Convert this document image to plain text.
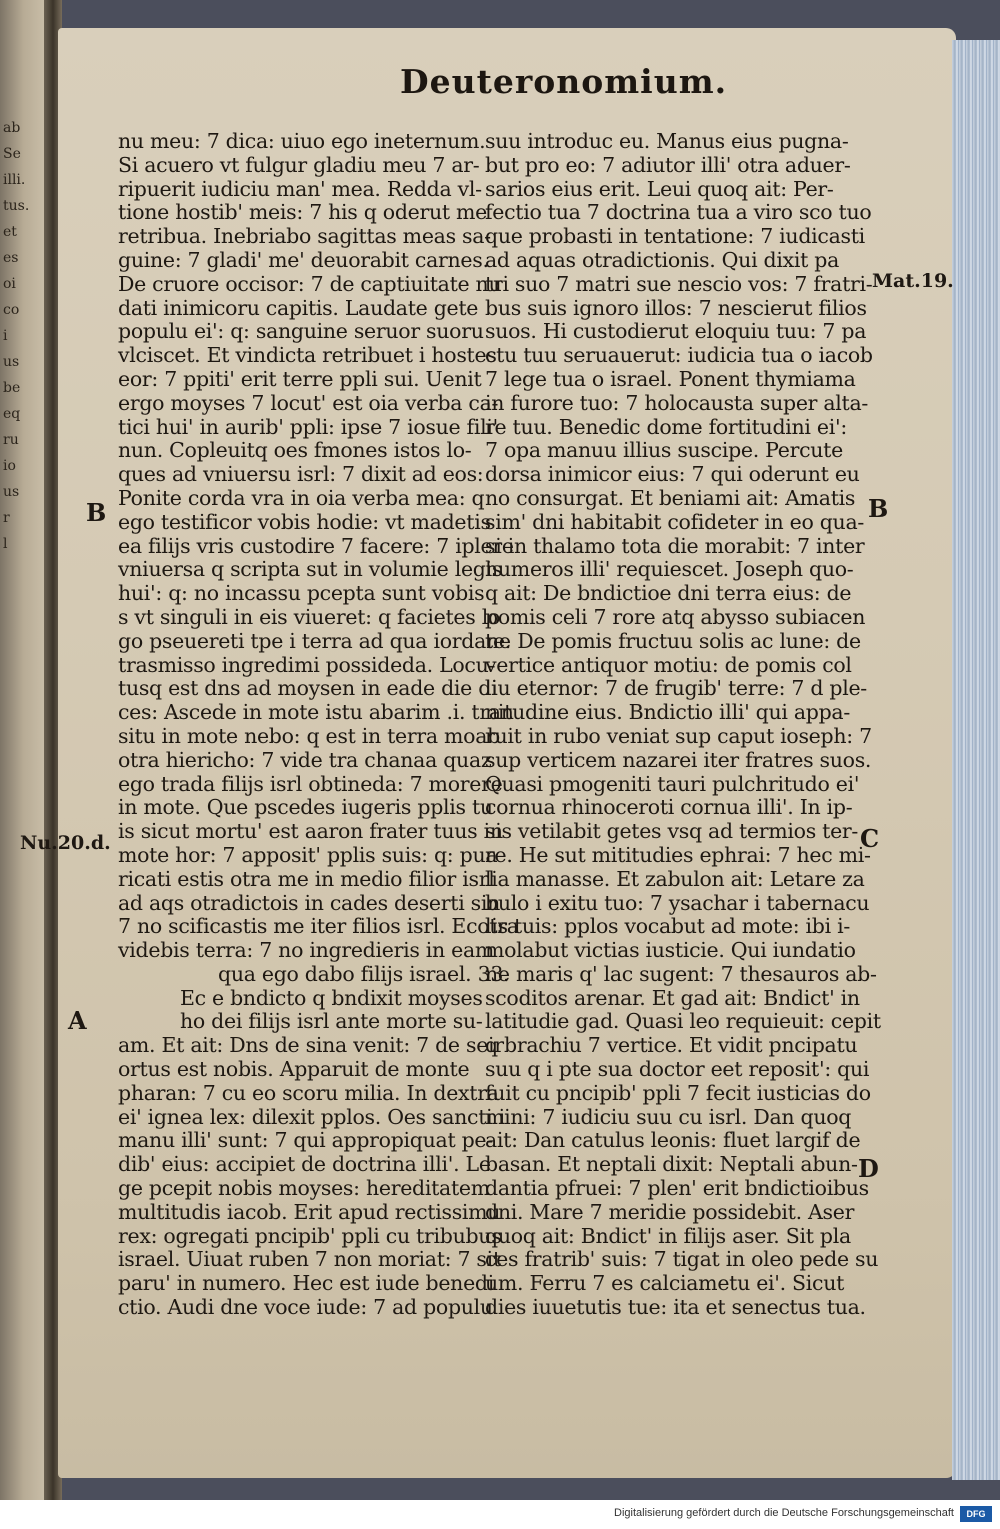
ab
Se
illi.
tus.
et
es
oi
co
i
us
be
eq
ru
io
us
r
l
Deuteronomium.
nu meu: 7 dica: uiuo ego ineternum.
Si acuero vt fulgur gladiu meu 7 ar-
ripuerit iudiciu man' mea. Redda vl-
tione hostib' meis: 7 his q oderut me
retribua. Inebriabo sagittas meas sa-
guine: 7 gladi' me' deuorabit carnes.
De cruore occisor: 7 de captiuitate nu
dati inimicoru capitis. Laudate gete
populu ei': q: sanguine seruor suoru
vlciscet. Et vindicta retribuet i hostes
eor: 7 ppiti' erit terre ppli sui. Uenit
ergo moyses 7 locut' est oia verba ca-
tici hui' in aurib' ppli: ipse 7 iosue fili'
nun. Copleuitq oes fmones istos lo-
ques ad vniuersu isrl: 7 dixit ad eos:
Ponite corda vra in oia verba mea: q
ego testificor vobis hodie: vt madetis
ea filijs vris custodire 7 facere: 7 iplere
vniuersa q scripta sut in volumie legis
hui': q: no incassu pcepta sunt vobis
s vt singuli in eis viueret: q facietes lo
go pseuereti tpe i terra ad qua iordane
trasmisso ingredimi possideda. Locu-
tusq est dns ad moysen in eade die di
ces: Ascede in mote istu abarim .i. tran
situ in mote nebo: q est in terra moab
otra hiericho: 7 vide tra chanaa quaz
ego trada filijs isrl obtineda: 7 morere
in mote. Que pscedes iugeris pplis tu
is sicut mortu' est aaron frater tuus in
mote hor: 7 apposit' pplis suis: q: pua
ricati estis otra me in medio filior isrl
ad aqs otradictois in cades deserti sin
7 no scificastis me iter filios isrl. Ecotra
videbis terra: 7 no ingredieris in eam
qua ego dabo filijs israel. 33.
Ec e bndicto q bndixit moyses
ho dei filijs isrl ante morte su-
am. Et ait: Dns de sina venit: 7 de seir
ortus est nobis. Apparuit de monte
pharan: 7 cu eo scoru milia. In dextra
ei' ignea lex: dilexit pplos. Oes sancti i
manu illi' sunt: 7 qui appropiquat pe-
dib' eius: accipiet de doctrina illi'. Le
ge pcepit nobis moyses: hereditatem
multitudis iacob. Erit apud rectissimu
rex: ogregati pncipib' ppli cu tribubus
israel. Uiuat ruben 7 non moriat: 7 sit
paru' in numero. Hec est iude benedi
ctio. Audi dne voce iude: 7 ad populu
suu introduc eu. Manus eius pugna-
but pro eo: 7 adiutor illi' otra aduer-
sarios eius erit. Leui quoq ait: Per-
fectio tua 7 doctrina tua a viro sco tuo
que probasti in tentatione: 7 iudicasti
ad aquas otradictionis. Qui dixit pa
tri suo 7 matri sue nescio vos: 7 fratri-
bus suis ignoro illos: 7 nescierut filios
suos. Hi custodierut eloquiu tuu: 7 pa
ctu tuu seruauerut: iudicia tua o iacob
7 lege tua o israel. Ponent thymiama
in furore tuo: 7 holocausta super alta-
re tuu. Benedic dome fortitudini ei':
7 opa manuu illius suscipe. Percute
dorsa inimicor eius: 7 qui oderunt eu
no consurgat. Et beniami ait: Amatis
sim' dni habitabit cofideter in eo qua-
si in thalamo tota die morabit: 7 inter
humeros illi' requiescet. Joseph quo-
q ait: De bndictioe dni terra eius: de
pomis celi 7 rore atq abysso subiacen
te. De pomis fructuu solis ac lune: de
vertice antiquor motiu: de pomis col
liu eternor: 7 de frugib' terre: 7 d ple-
nitudine eius. Bndictio illi' qui appa-
ruit in rubo veniat sup caput ioseph: 7
sup verticem nazarei iter fratres suos.
Quasi pmogeniti tauri pulchritudo ei'
cornua rhinoceroti cornua illi'. In ip-
sis vetilabit getes vsq ad termios ter-
re. He sut mititudies ephrai: 7 hec mi-
lia manasse. Et zabulon ait: Letare za
bulo i exitu tuo: 7 ysachar i tabernacu
lis tuis: pplos vocabut ad mote: ibi i-
molabut victias iusticie. Qui iundatio
ne maris q' lac sugent: 7 thesauros ab-
scoditos arenar. Et gad ait: Bndict' in
latitudie gad. Quasi leo requieuit: cepit
q brachiu 7 vertice. Et vidit pncipatu
suu q i pte sua doctor eet reposit': qui
fuit cu pncipib' ppli 7 fecit iusticias do
mini: 7 iudiciu suu cu isrl. Dan quoq
ait: Dan catulus leonis: fluet largif de
basan. Et neptali dixit: Neptali abun-
dantia pfruei: 7 plen' erit bndictioibus
dni. Mare 7 meridie possidebit. Aser
quoq ait: Bndict' in filijs aser. Sit pla
ces fratrib' suis: 7 tigat in oleo pede su
um. Ferru 7 es calciametu ei'. Sicut
dies iuuetutis tue: ita et senectus tua.
Mat.19.
Nu.20.d.
B
A
B
C
D
Digitalisierung gefördert durch die Deutsche Forschungsgemeinschaft	DFG
